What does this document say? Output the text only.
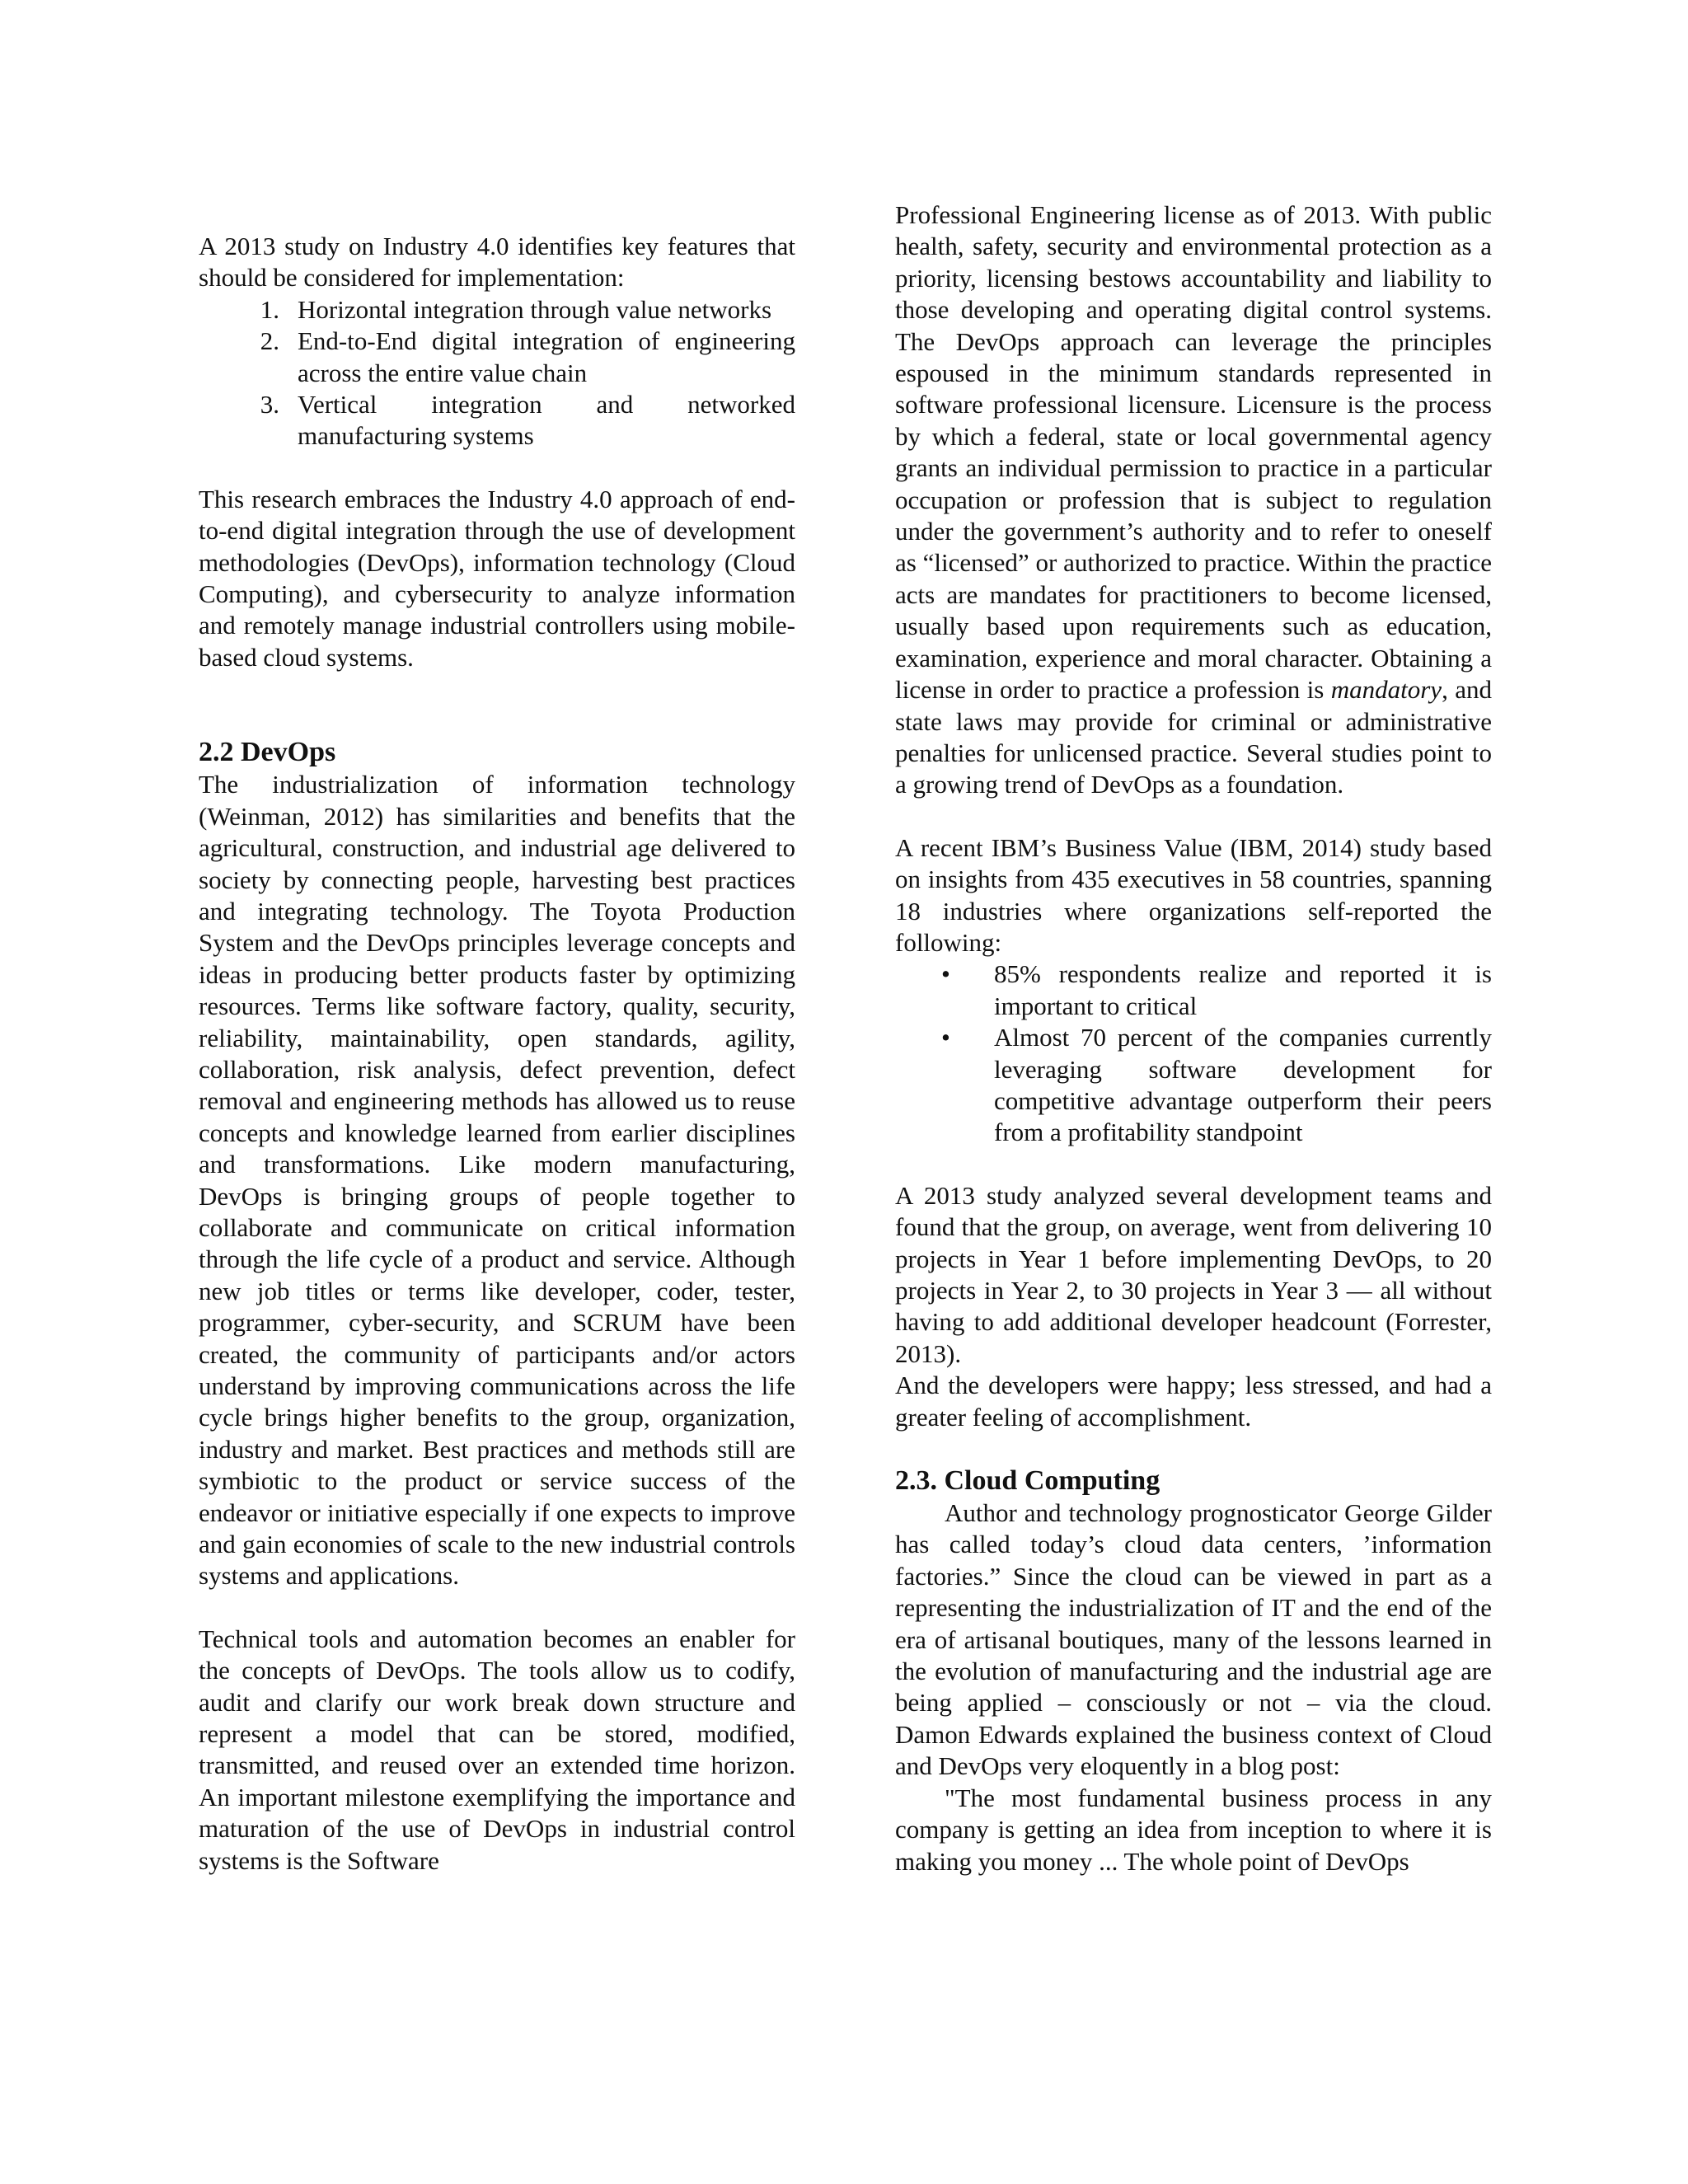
A 2013 study on Industry 4.0 identifies key features that should be considered for implementation:

1. Horizontal integration through value networks
2. End-to-End digital integration of engineering across the entire value chain
3. Vertical integration and networked manufacturing systems

This research embraces the Industry 4.0 approach of end-to-end digital integration through the use of development methodologies (DevOps), information technology (Cloud Computing), and cybersecurity to analyze information and remotely manage industrial controllers using mobile-based cloud systems.

2.2 DevOps

The industrialization of information technology (Weinman, 2012) has similarities and benefits that the agricultural, construction, and industrial age delivered to society by connecting people, harvesting best practices and integrating technology. The Toyota Production System and the DevOps principles leverage concepts and ideas in producing better products faster by optimizing resources. Terms like software factory, quality, security, reliability, maintainability, open standards, agility, collaboration, risk analysis, defect prevention, defect removal and engineering methods has allowed us to reuse concepts and knowledge learned from earlier disciplines and transformations. Like modern manufacturing, DevOps is bringing groups of people together to collaborate and communicate on critical information through the life cycle of a product and service. Although new job titles or terms like developer, coder, tester, programmer, cyber-security, and SCRUM have been created, the community of participants and/or actors understand by improving communications across the life cycle brings higher benefits to the group, organization, industry and market. Best practices and methods still are symbiotic to the product or service success of the endeavor or initiative especially if one expects to improve and gain economies of scale to the new industrial controls systems and applications.

Technical tools and automation becomes an enabler for the concepts of DevOps. The tools allow us to codify, audit and clarify our work break down structure and represent a model that can be stored, modified, transmitted, and reused over an extended time horizon. An important milestone exemplifying the importance and maturation of the use of DevOps in industrial control systems is the Software

Professional Engineering license as of 2013. With public health, safety, security and environmental protection as a priority, licensing bestows accountability and liability to those developing and operating digital control systems. The DevOps approach can leverage the principles espoused in the minimum standards represented in software professional licensure. Licensure is the process by which a federal, state or local governmental agency grants an individual permission to practice in a particular occupation or profession that is subject to regulation under the government’s authority and to refer to oneself as “licensed” or authorized to practice. Within the practice acts are mandates for practitioners to become licensed, usually based upon requirements such as education, examination, experience and moral character. Obtaining a license in order to practice a profession is mandatory, and state laws may provide for criminal or administrative penalties for unlicensed practice. Several studies point to a growing trend of DevOps as a foundation.

A recent IBM’s Business Value (IBM, 2014) study based on insights from 435 executives in 58 countries, spanning 18 industries where organizations self-reported the following:

•	85% respondents realize and reported it is important to critical
•	Almost 70 percent of the companies currently leveraging software development for competitive advantage outperform their peers from a profitability standpoint

A 2013 study analyzed several development teams and found that the group, on average, went from delivering 10 projects in Year 1 before implementing DevOps, to 20 projects in Year 2, to 30 projects in Year 3 — all without having to add additional developer headcount (Forrester, 2013).

And the developers were happy; less stressed, and had a greater feeling of accomplishment.

2.3. Cloud Computing

Author and technology prognosticator George Gilder has called today’s cloud data centers, ’information factories.” Since the cloud can be viewed in part as a representing the industrialization of IT and the end of the era of artisanal boutiques, many of the lessons learned in the evolution of manufacturing and the industrial age are being applied – consciously or not – via the cloud. Damon Edwards explained the business context of Cloud and DevOps very eloquently in a blog post:

"The most fundamental business process in any company is getting an idea from inception to where it is making you money ... The whole point of DevOps
